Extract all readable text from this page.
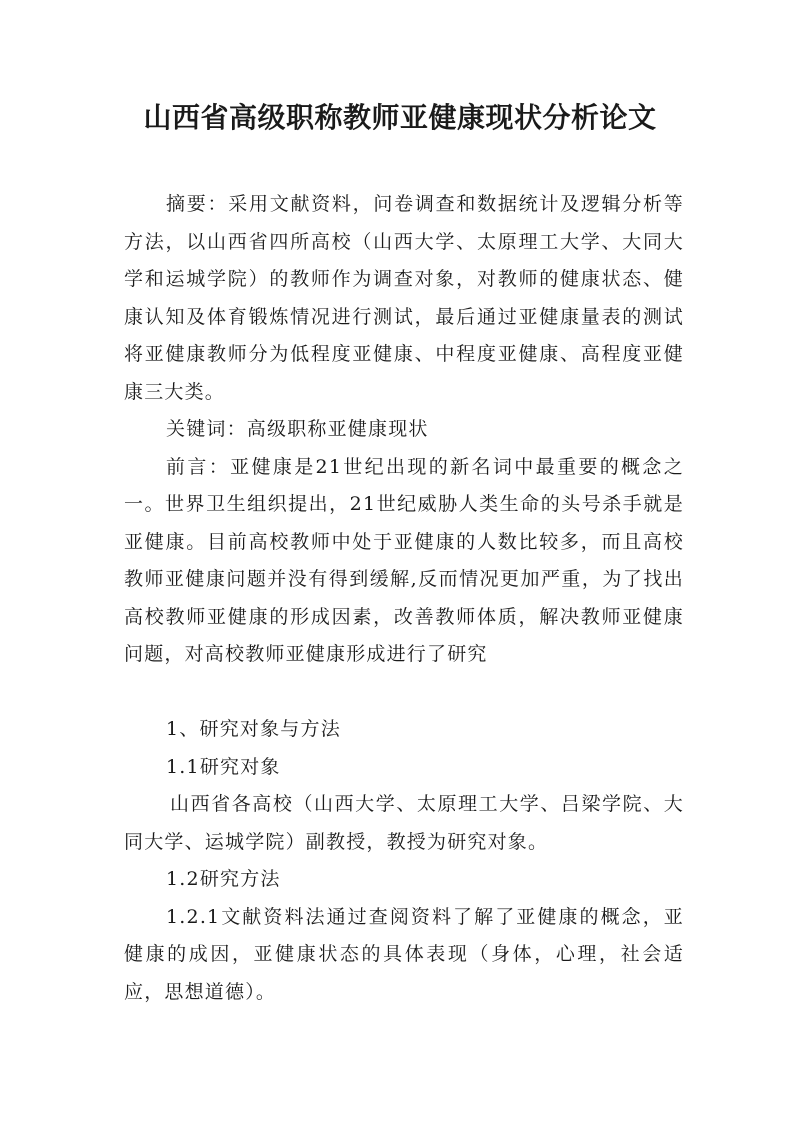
山西省高级职称教师亚健康现状分析论文

摘要：采用文献资料，问卷调查和数据统计及逻辑分析等方法，以山西省四所高校（山西大学、太原理工大学、大同大学和运城学院）的教师作为调查对象，对教师的健康状态、健康认知及体育锻炼情况进行测试，最后通过亚健康量表的测试将亚健康教师分为低程度亚健康、中程度亚健康、高程度亚健康三大类。

关键词：高级职称亚健康现状

前言：亚健康是21世纪出现的新名词中最重要的概念之一。世界卫生组织提出，21世纪威胁人类生命的头号杀手就是亚健康。目前高校教师中处于亚健康的人数比较多，而且高校教师亚健康问题并没有得到缓解,反而情况更加严重，为了找出高校教师亚健康的形成因素，改善教师体质，解决教师亚健康问题，对高校教师亚健康形成进行了研究

1、研究对象与方法

1.1研究对象

山西省各高校（山西大学、太原理工大学、吕梁学院、大同大学、运城学院）副教授，教授为研究对象。

1.2研究方法

1.2.1文献资料法通过查阅资料了解了亚健康的概念，亚健康的成因，亚健康状态的具体表现（身体，心理，社会适应，思想道德）。
